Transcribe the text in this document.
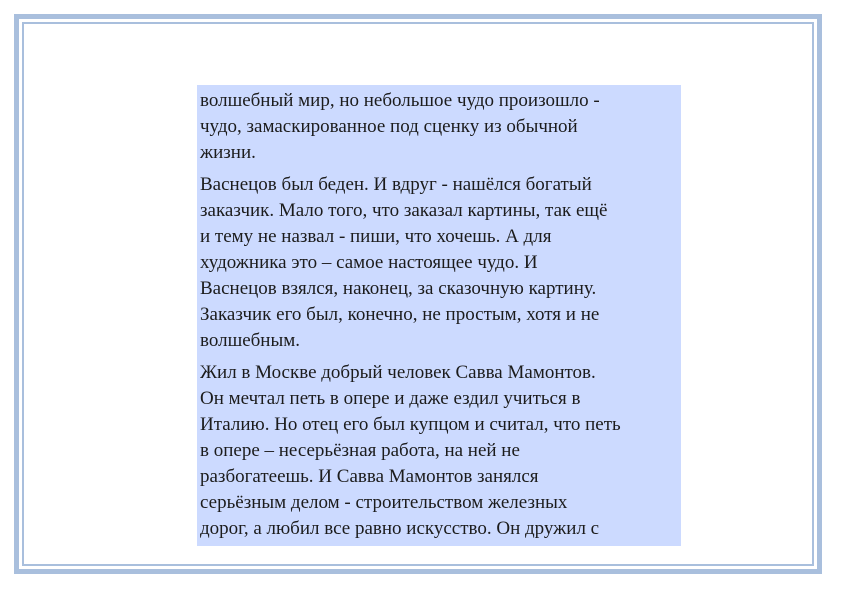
волшебный мир, но небольшое чудо произошло -
чудо, замаскированное под сценку из обычной
жизни.

Васнецов был беден. И вдруг - нашёлся богатый
заказчик. Мало того, что заказал картины, так ещё
и тему не назвал - пиши, что хочешь. А для
художника это – самое настоящее чудо. И
Васнецов взялся, наконец, за сказочную картину.
Заказчик его был, конечно, не простым, хотя и не
волшебным.

Жил в Москве добрый человек Савва Мамонтов.
Он мечтал петь в опере и даже ездил учиться в
Италию. Но отец его был купцом и считал, что петь
в опере – несерьёзная работа, на ней не
разбогатеешь. И Савва Мамонтов занялся
серьёзным делом - строительством железных
дорог, а любил все равно искусство. Он дружил с
